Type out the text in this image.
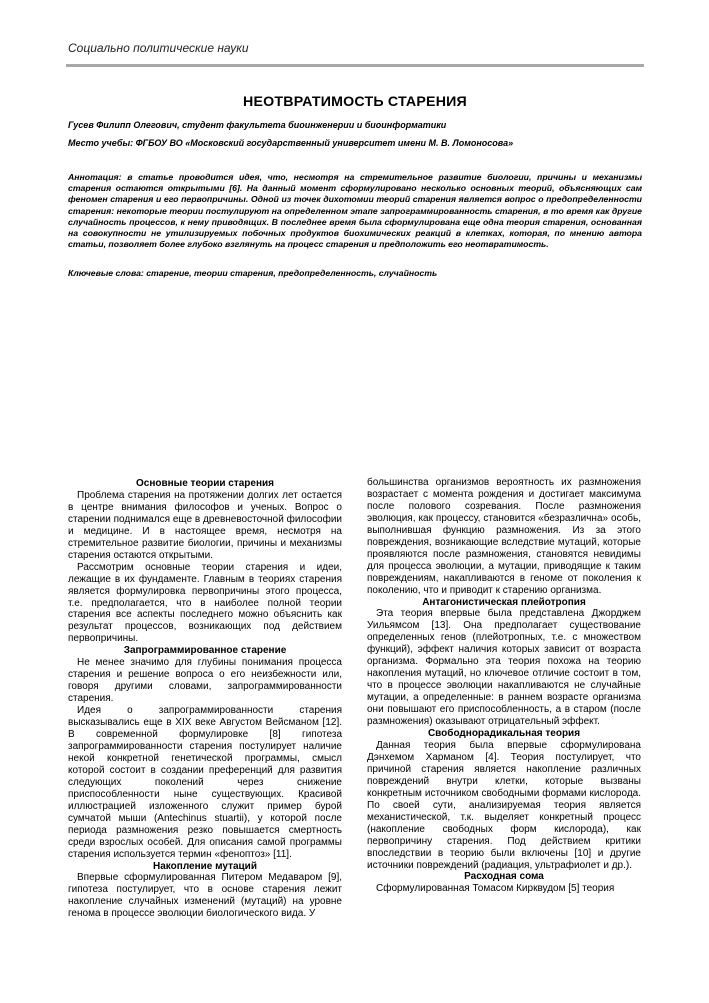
Социально политические науки
НЕОТВРАТИМОСТЬ СТАРЕНИЯ
Гусев Филипп Олегович, студент факультета биоинженерии и биоинформатики
Место учебы: ФГБОУ ВО «Московский государственный университет имени М. В. Ломоносова»
Аннотация: в статье проводится идея, что, несмотря на стремительное развитие биологии, причины и механизмы старения остаются открытыми [6]. На данный момент сформулировано несколько основных теорий, объясняющих сам феномен старения и его первопричины. Одной из точек дихотомии теорий старения является вопрос о предопределенности старения: некоторые теории постулируют на определенном этапе запрограммированность старения, в то время как другие случайность процессов, к нему приводящих. В последнее время была сформулирована еще одна теория старения, основанная на совокупности не утилизируемых побочных продуктов биохимических реакций в клетках, которая, по мнению автора статьи, позволяет более глубоко взглянуть на процесс старения и предположить его неотвратимость.
Ключевые слова: старение, теории старения, предопределенность, случайность
Основные теории старения

Проблема старения на протяжении долгих лет остается в центре внимания философов и ученых. Вопрос о старении поднимался еще в древневосточной философии и медицине. И в настоящее время, несмотря на стремительное развитие биологии, причины и механизмы старения остаются открытыми.

Рассмотрим основные теории старения и идеи, лежащие в их фундаменте. Главным в теориях старения является формулировка первопричины этого процесса, т.е. предполагается, что в наиболее полной теории старения все аспекты последнего можно объяснить как результат процессов, возникающих под действием первопричины.

Запрограммированное старение

Не менее значимо для глубины понимания процесса старения и решение вопроса о его неизбежности или, говоря другими словами, запрограммированности старения.

Идея о запрограммированности старения высказывались еще в XIX веке Августом Вейсманом [12]. В современной формулировке [8] гипотеза запрограммированности старения постулирует наличие некой конкретной генетической программы, смысл которой состоит в создании преференций для развития следующих поколений через снижение приспособленности ныне существующих. Красивой иллюстрацией изложенного служит пример бурой сумчатой мыши (Antechinus stuartii), у которой после периода размножения резко повышается смертность среди взрослых особей. Для описания самой программы старения используется термин «феноптоз» [11].

Накопление мутаций

Впервые сформулированная Питером Медаваром [9], гипотеза постулирует, что в основе старения лежит накопление случайных изменений (мутаций) на уровне генома в процессе эволюции биологического вида. У

большинства организмов вероятность их размножения возрастает с момента рождения и достигает максимума после полового созревания. После размножения эволюция, как процессу, становится «безразлична» особь, выполнившая функцию размножения. Из за этого повреждения, возникающие вследствие мутаций, которые проявляются после размножения, становятся невидимы для процесса эволюции, а мутации, приводящие к таким повреждениям, накапливаются в геноме от поколения к поколению, что и приводит к старению организма.

Антагонистическая плейотропия

Эта теория впервые была представлена Джорджем Уильямсом [13]. Она предполагает существование определенных генов (плейотропных, т.е. с множеством функций), эффект наличия которых зависит от возраста организма. Формально эта теория похожа на теорию накопления мутаций, но ключевое отличие состоит в том, что в процессе эволюции накапливаются не случайные мутации, а определенные: в раннем возрасте организма они повышают его приспособленность, а в старом (после размножения) оказывают отрицательный эффект.

Свободнорадикальная теория

Данная теория была впервые сформулирована Дэнхемом Харманом [4]. Теория постулирует, что причиной старения является накопление различных повреждений внутри клетки, которые вызваны конкретным источником свободными формами кислорода. По своей сути, анализируемая теория является механистической, т.к. выделяет конкретный процесс (накопление свободных форм кислорода), как первопричину старения. Под действием критики впоследствии в теорию были включены [10] и другие источники повреждений (радиация, ультрафиолет и др.).

Расходная сома

Сформулированная Томасом Кирквудом [5] теория
